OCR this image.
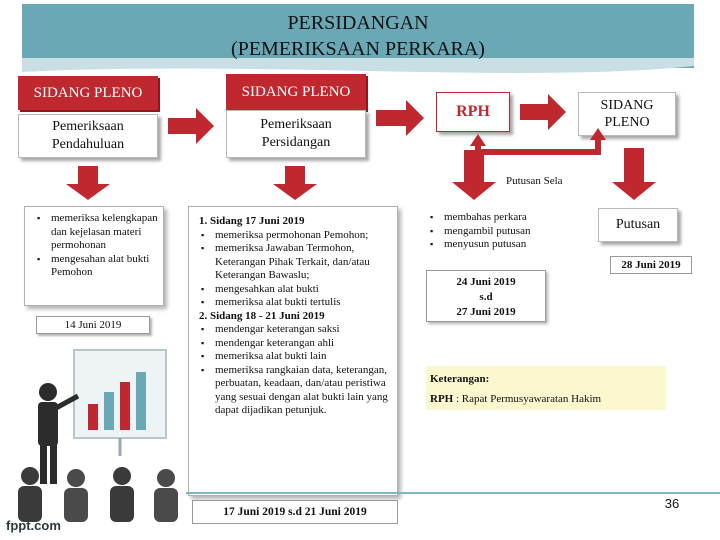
PERSIDANGAN
(PEMERIKSAAN PERKARA)
SIDANG PLENO
Pemeriksaan Pendahuluan
SIDANG PLENO
Pemeriksaan Persidangan
RPH	SIDANG
PLENO
Putusan Sela
▪ memeriksa kelengkapan dan kejelasan materi permohonan
▪ mengesahan alat bukti Pemohon
14 Juni 2019
1. Sidang 17 Juni 2019
▪ memeriksa permohonan Pemohon;
▪ memeriksa Jawaban Termohon, Keterangan Pihak Terkait, dan/atau Keterangan Bawaslu;
▪ mengesahkan alat bukti
▪ memeriksa alat bukti tertulis
2. Sidang 18 - 21 Juni 2019
▪ mendengar keterangan saksi
▪ mendengar keterangan ahli
▪ memeriksa alat bukti lain
▪ memeriksa rangkaian data, keterangan, perbuatan, keadaan, dan/atau peristiwa yang sesuai dengan alat bukti lain yang dapat dijadikan petunjuk.
17 Juni 2019 s.d 21 Juni 2019
▪ membahas perkara
▪ mengambil putusan
▪ menyusun putusan
24 Juni 2019
s.d
27 Juni 2019
Putusan
28 Juni 2019
Keterangan:
RPH : Rapat Permusyawaratan Hakim
fppt.com
36
